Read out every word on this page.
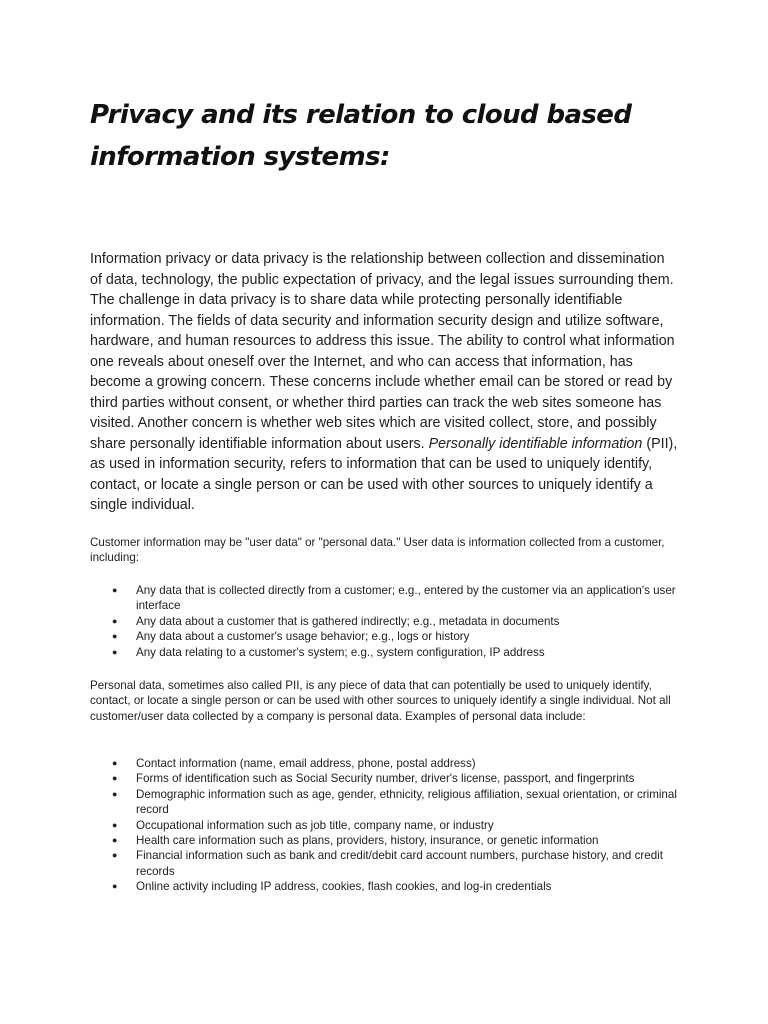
Privacy and its relation to cloud based information systems:

Information privacy or data privacy is the relationship between collection and dissemination of data, technology, the public expectation of privacy, and the legal issues surrounding them. The challenge in data privacy is to share data while protecting personally identifiable information. The fields of data security and information security design and utilize software, hardware, and human resources to address this issue. The ability to control what information one reveals about oneself over the Internet, and who can access that information, has become a growing concern. These concerns include whether email can be stored or read by third parties without consent, or whether third parties can track the web sites someone has visited. Another concern is whether web sites which are visited collect, store, and possibly share personally identifiable information about users. Personally identifiable information (PII), as used in information security, refers to information that can be used to uniquely identify, contact, or locate a single person or can be used with other sources to uniquely identify a single individual.

Customer information may be "user data" or "personal data." User data is information collected from a customer, including:

● Any data that is collected directly from a customer; e.g., entered by the customer via an application's user interface
● Any data about a customer that is gathered indirectly; e.g., metadata in documents
● Any data about a customer's usage behavior; e.g., logs or history
● Any data relating to a customer's system; e.g., system configuration, IP address

Personal data, sometimes also called PII, is any piece of data that can potentially be used to uniquely identify, contact, or locate a single person or can be used with other sources to uniquely identify a single individual. Not all customer/user data collected by a company is personal data. Examples of personal data include:

● Contact information (name, email address, phone, postal address)
● Forms of identification such as Social Security number, driver's license, passport, and fingerprints
● Demographic information such as age, gender, ethnicity, religious affiliation, sexual orientation, or criminal record
● Occupational information such as job title, company name, or industry
● Health care information such as plans, providers, history, insurance, or genetic information
● Financial information such as bank and credit/debit card account numbers, purchase history, and credit records
● Online activity including IP address, cookies, flash cookies, and log-in credentials
